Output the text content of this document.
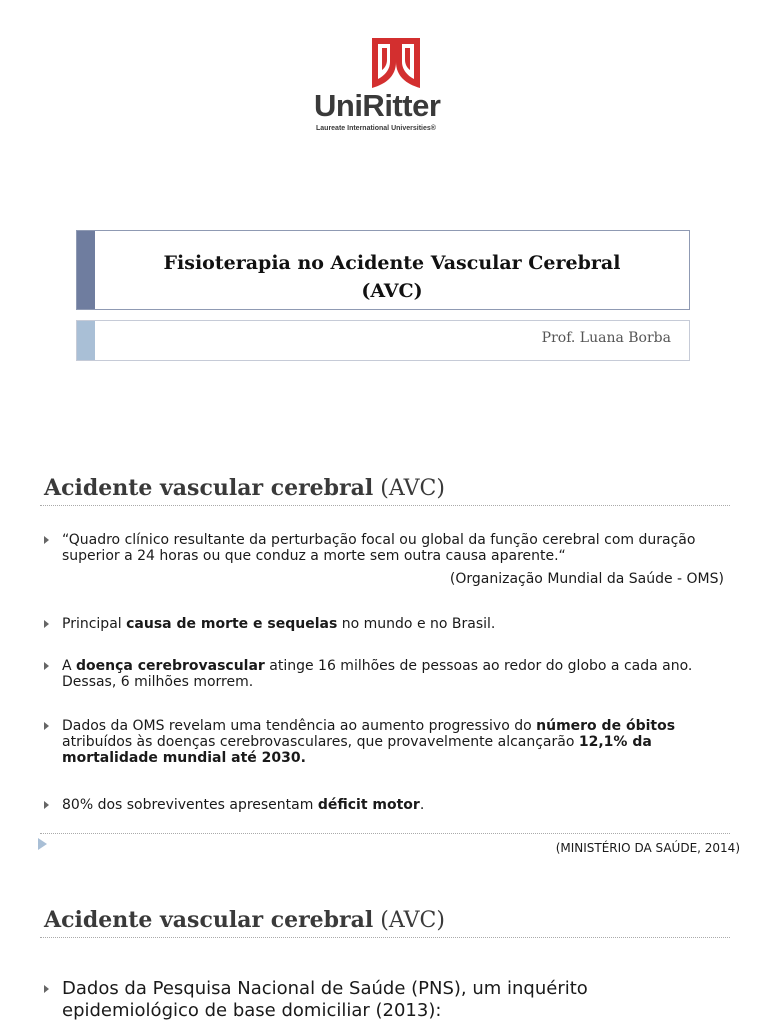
UniRitter
Laureate International Universities®
Fisioterapia no Acidente Vascular Cerebral
(AVC)
Prof. Luana Borba
Acidente vascular cerebral (AVC)
“Quadro clínico resultante da perturbação focal ou global da função cerebral com duração superior a 24 horas ou que conduz a morte sem outra causa aparente.“
(Organização Mundial da Saúde - OMS)
Principal causa de morte e sequelas no mundo e no Brasil.
A doença cerebrovascular atinge 16 milhões de pessoas ao redor do globo a cada ano. Dessas, 6 milhões morrem.
Dados da OMS revelam uma tendência ao aumento progressivo do número de óbitos atribuídos às doenças cerebrovasculares, que provavelmente alcançarão 12,1% da mortalidade mundial até 2030.
80% dos sobreviventes apresentam déficit motor.
(MINISTÉRIO DA SAÚDE, 2014)
Acidente vascular cerebral (AVC)
Dados da Pesquisa Nacional de Saúde (PNS), um inquérito epidemiológico de base domiciliar (2013):
